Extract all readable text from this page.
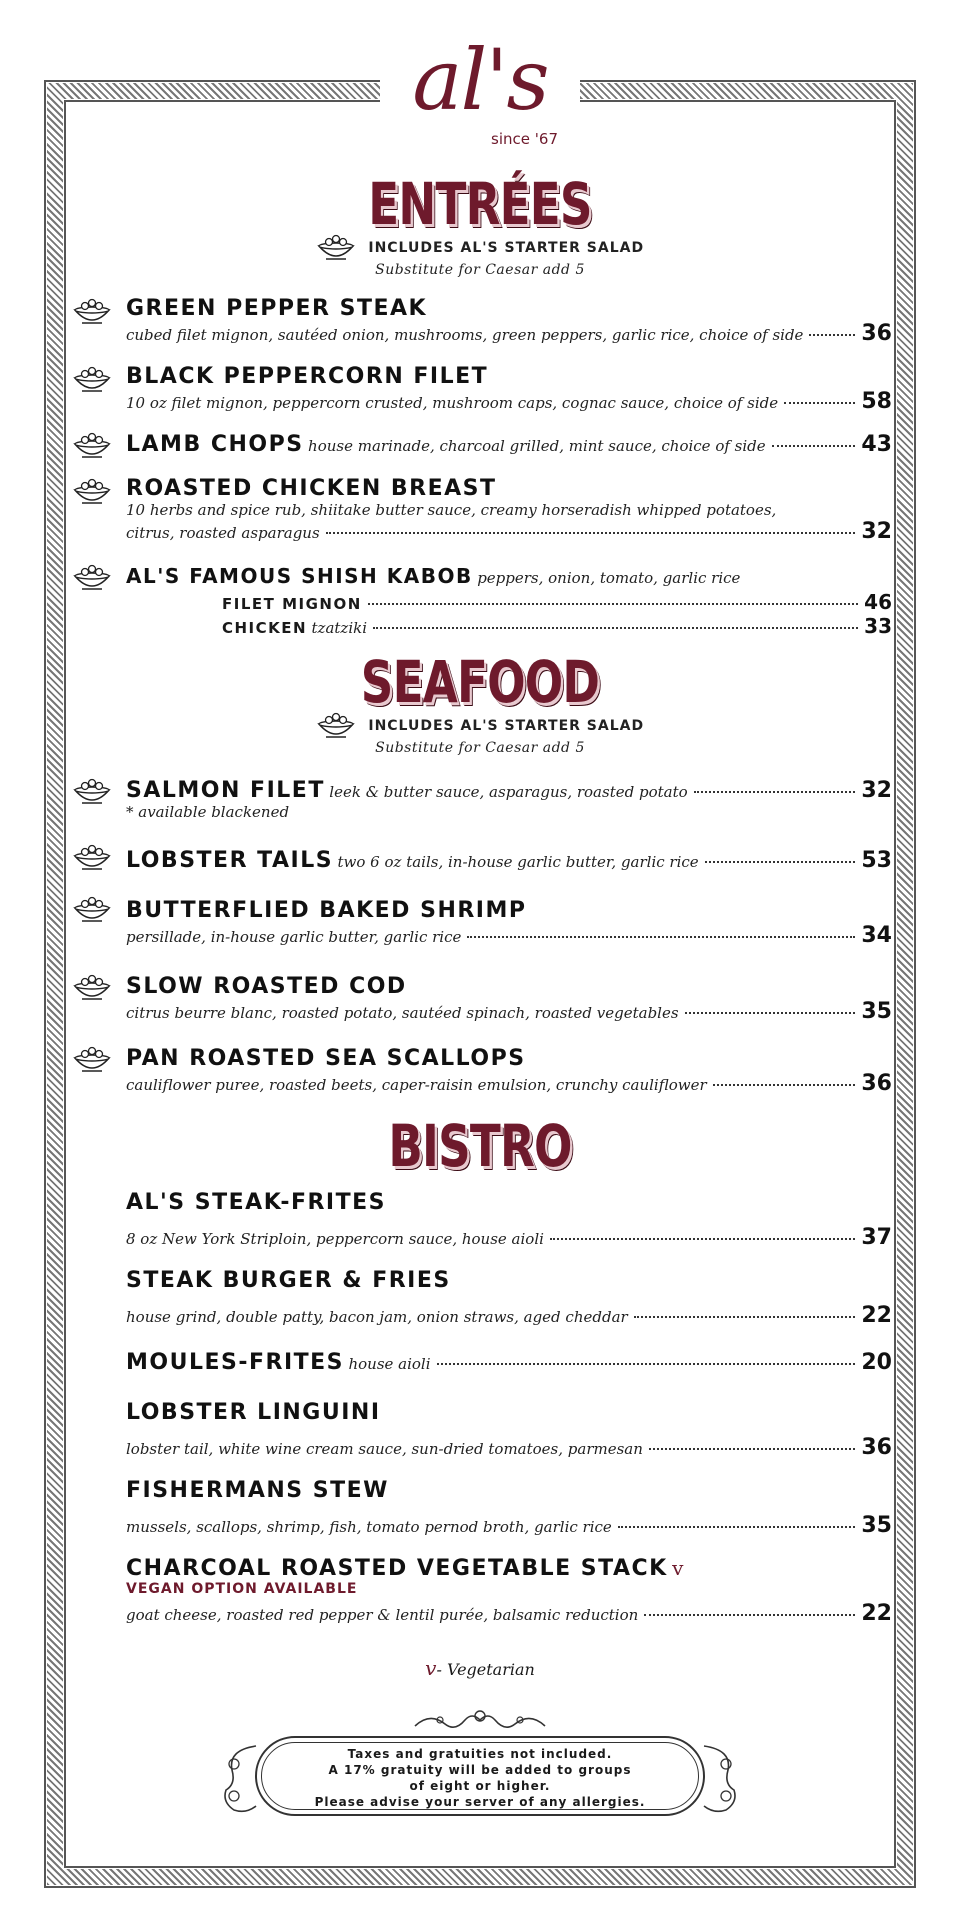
al's
since '67
ENTRÉES
INCLUDES AL'S STARTER SALAD
Substitute for Caesar add 5
GREEN PEPPER STEAK
cubed filet mignon, sautéed onion, mushrooms, green peppers, garlic rice, choice of side	36
BLACK PEPPERCORN FILET
10 oz filet mignon, peppercorn crusted, mushroom caps, cognac sauce, choice of side	58
LAMB CHOPS house marinade, charcoal grilled, mint sauce, choice of side	43
ROASTED CHICKEN BREAST
10 herbs and spice rub, shiitake butter sauce, creamy horseradish whipped potatoes,
citrus, roasted asparagus	32
AL'S FAMOUS SHISH KABOB peppers, onion, tomato, garlic rice
FILET MIGNON	46
CHICKEN tzatziki	33
SEAFOOD
INCLUDES AL'S STARTER SALAD
Substitute for Caesar add 5
SALMON FILET leek & butter sauce, asparagus, roasted potato	32
* available blackened
LOBSTER TAILS two 6 oz tails, in-house garlic butter, garlic rice	53
BUTTERFLIED BAKED SHRIMP
persillade, in-house garlic butter, garlic rice	34
SLOW ROASTED COD
citrus beurre blanc, roasted potato, sautéed spinach, roasted vegetables	35
PAN ROASTED SEA SCALLOPS
cauliflower puree, roasted beets, caper-raisin emulsion, crunchy cauliflower	36
BISTRO
AL'S STEAK-FRITES
8 oz New York Striploin, peppercorn sauce, house aioli	37
STEAK BURGER & FRIES
house grind, double patty, bacon jam, onion straws, aged cheddar	22
MOULES-FRITES house aioli	20
LOBSTER LINGUINI
lobster tail, white wine cream sauce, sun-dried tomatoes, parmesan	36
FISHERMANS STEW
mussels, scallops, shrimp, fish, tomato pernod broth, garlic rice	35
CHARCOAL ROASTED VEGETABLE STACK v
VEGAN OPTION AVAILABLE
goat cheese, roasted red pepper & lentil purée, balsamic reduction	22
v- Vegetarian
Taxes and gratuities not included.
A 17% gratuity will be added to groups
of eight or higher.
Please advise your server of any allergies.
